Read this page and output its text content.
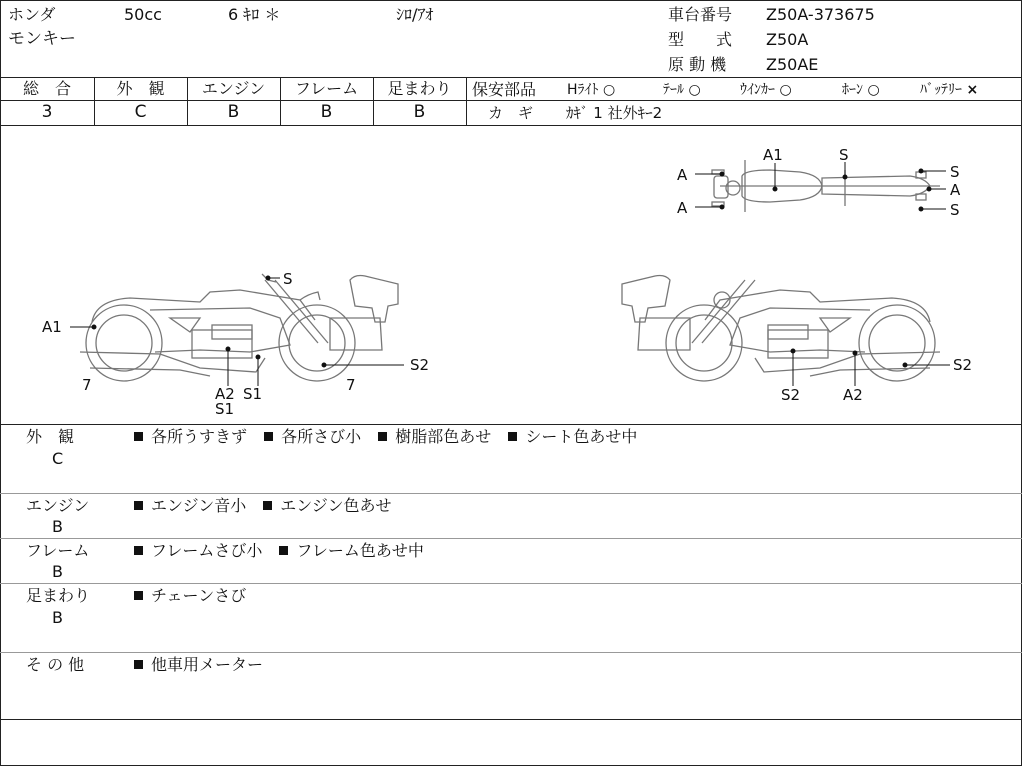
ホンダ	50cc	6 ｷﾛ ＊	ｼﾛ/ｱｵ
モンキー
車台番号 Z50A-373675
型　　式 Z50A
原 動 機 Z50AE
総　合	外　観	エンジン	フレーム	足まわり
3	C	B	B	B
保安部品 Hﾗｲﾄ ○	ﾃｰﾙ ○	ｳｲﾝｶｰ ○	ﾎｰﾝ ○	ﾊﾞｯﾃﾘｰ ×
カ　ギ ｶｷﾞ 1 社外ｷｰ2
A1	S
A
A
S
A
S
S
A1
7	A2 S1
S1
7
S2
S2	A2
S2
外　観
C
各所うすきず 各所さび小 樹脂部色あせ シート色あせ中
エンジン
B
エンジン音小 エンジン色あせ
フレーム
B
フレームさび小 フレーム色あせ中
足まわり
B
チェーンさび
そ の 他	他車用メーター
